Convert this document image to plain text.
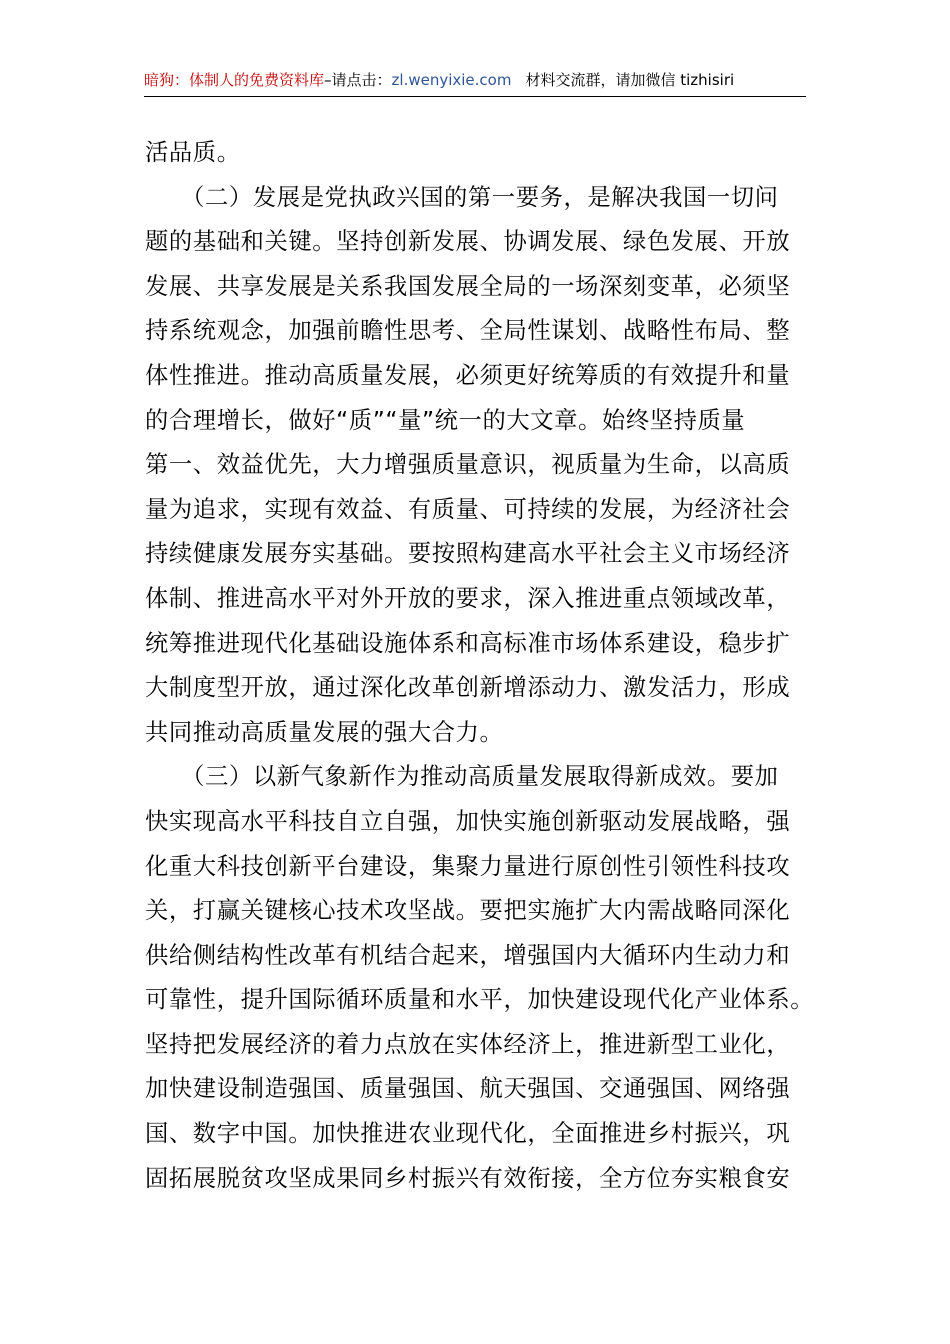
暗狗：体制人的免费资料库–请点击：zl.wenyixie.com 材料交流群，请加微信 tizhisiri
活品质。
　　（二）发展是党执政兴国的第一要务，是解决我国一切问
题的基础和关键。坚持创新发展、协调发展、绿色发展、开放
发展、共享发展是关系我国发展全局的一场深刻变革，必须坚
持系统观念，加强前瞻性思考、全局性谋划、战略性布局、整
体性推进。推动高质量发展，必须更好统筹质的有效提升和量
的合理增长，做好“质”“量”统一的大文章。始终坚持质量
第一、效益优先，大力增强质量意识，视质量为生命，以高质
量为追求，实现有效益、有质量、可持续的发展，为经济社会
持续健康发展夯实基础。要按照构建高水平社会主义市场经济
体制、推进高水平对外开放的要求，深入推进重点领域改革，
统筹推进现代化基础设施体系和高标准市场体系建设，稳步扩
大制度型开放，通过深化改革创新增添动力、激发活力，形成
共同推动高质量发展的强大合力。
　　（三）以新气象新作为推动高质量发展取得新成效。要加
快实现高水平科技自立自强，加快实施创新驱动发展战略，强
化重大科技创新平台建设，集聚力量进行原创性引领性科技攻
关，打赢关键核心技术攻坚战。要把实施扩大内需战略同深化
供给侧结构性改革有机结合起来，增强国内大循环内生动力和
可靠性，提升国际循环质量和水平，加快建设现代化产业体系。
坚持把发展经济的着力点放在实体经济上，推进新型工业化，
加快建设制造强国、质量强国、航天强国、交通强国、网络强
国、数字中国。加快推进农业现代化，全面推进乡村振兴，巩
固拓展脱贫攻坚成果同乡村振兴有效衔接，全方位夯实粮食安
